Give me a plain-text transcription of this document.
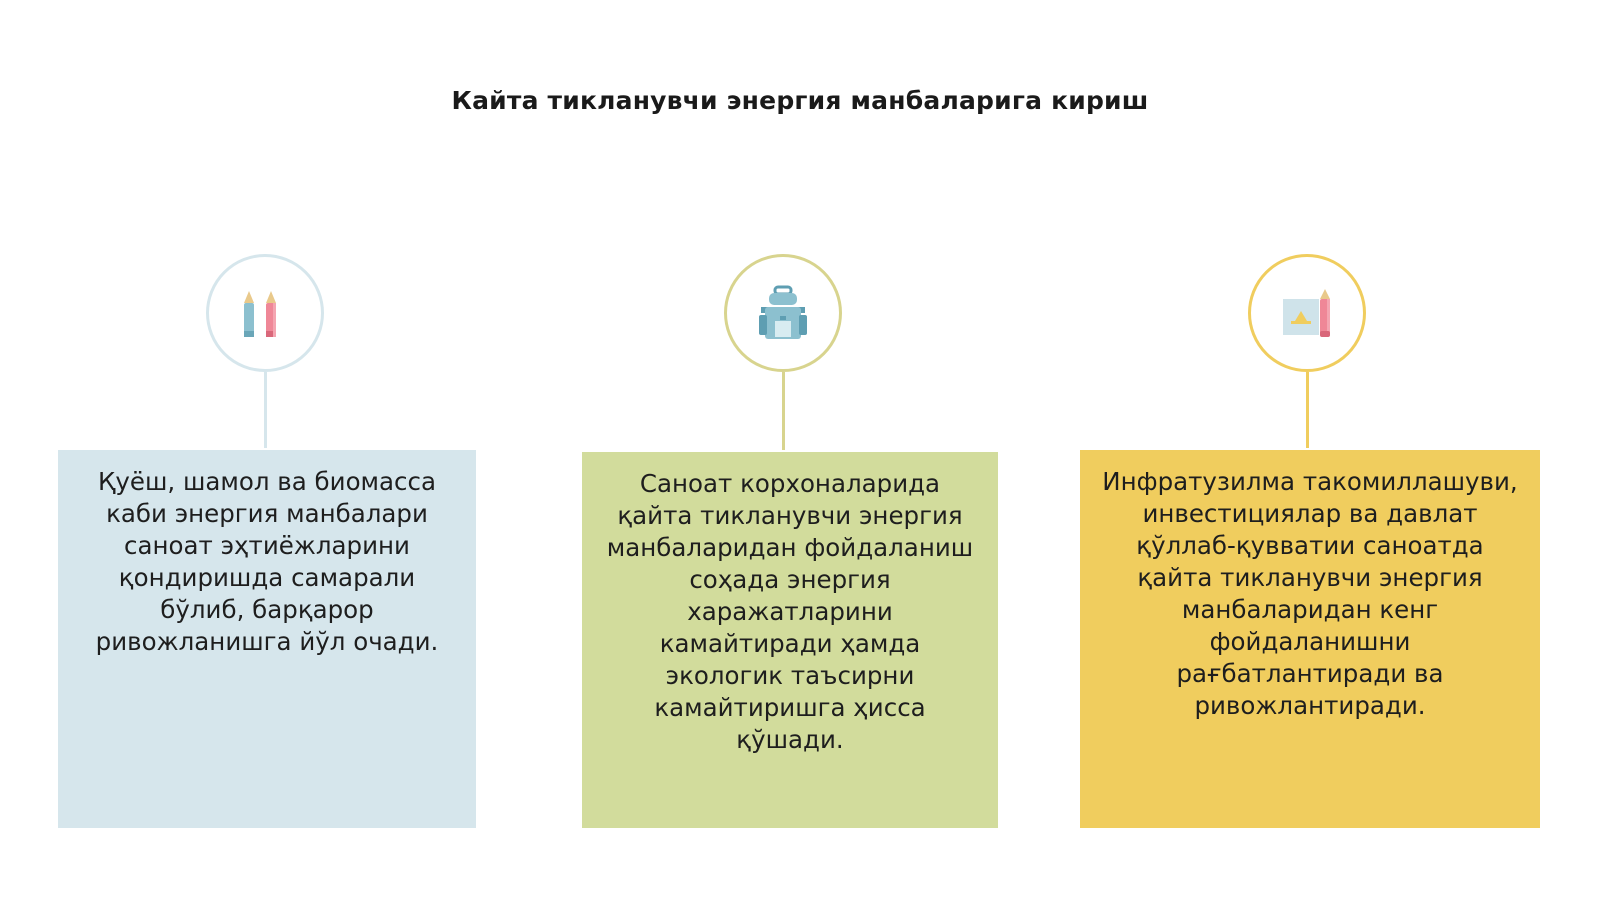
Кайта тикланувчи энергия манбаларига кириш
Қуёш, шамол ва биомасса каби энергия манбалари саноат эҳтиёжларини қондиришда самарали бўлиб, барқарор ривожланишга йўл очади.
Саноат корхоналарида қайта тикланувчи энергия манбаларидан фойдаланиш соҳада энергия харажатларини камайтиради ҳамда экологик таъсирни камайтиришга ҳисса қўшади.
Инфратузилма такомиллашуви, инвестициялар ва давлат қўллаб-қувватии саноатда қайта тикланувчи энергия манбаларидан кенг фойдаланишни рағбатлантиради ва ривожлантиради.
